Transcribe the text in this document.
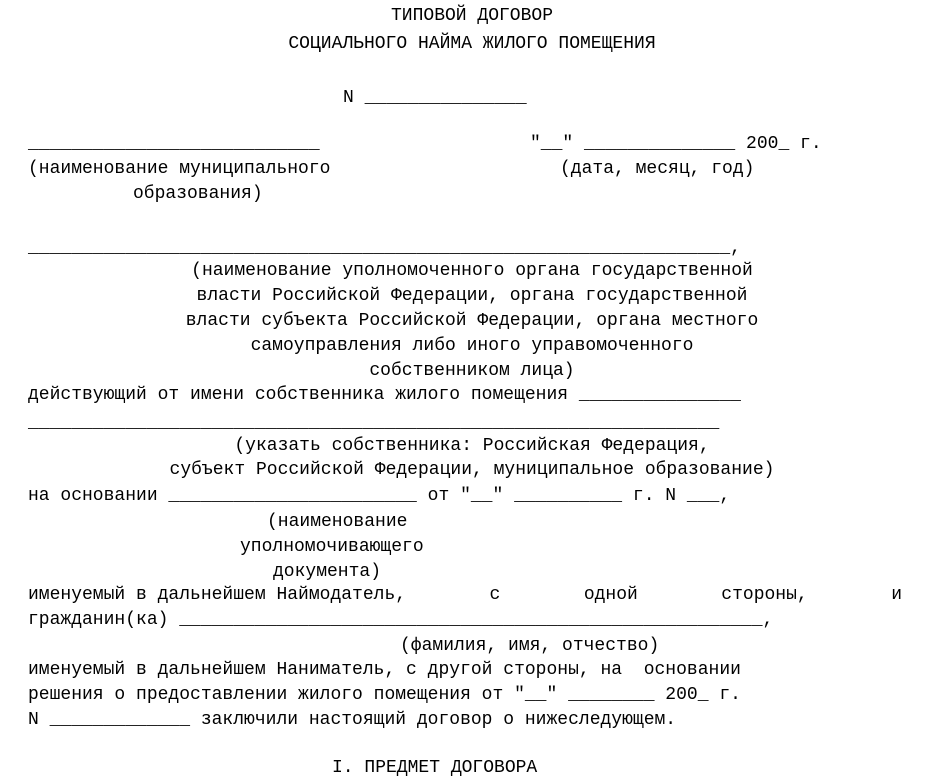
ТИПОВОЙ ДОГОВОР
СОЦИАЛЬНОГО НАЙМА ЖИЛОГО ПОМЕЩЕНИЯ
N _______________
___________________________	"__" ______________ 200_ г.
(наименование муниципального	(дата, месяц, год)
образования)
_________________________________________________________________,
(наименование уполномоченного органа государственной
власти Российской Федерации, органа государственной
власти субъекта Российской Федерации, органа местного
самоуправления либо иного управомоченного
собственником лица)
действующий от имени собственника жилого помещения _______________
________________________________________________________________
(указать собственника: Российская Федерация,
субъект Российской Федерации, муниципальное образование)
на основании _______________________ от "__" __________ г. N ___,
(наименование
уполномочивающего
документа)
именуемый в дальнейшем Наймодатель,	с	одной	стороны,	и
гражданин(ка) ______________________________________________________,
(фамилия, имя, отчество)
именуемый в дальнейшем Наниматель, с другой стороны, на  основании
решения о предоставлении жилого помещения от "__" ________ 200_ г.
N _____________ заключили настоящий договор о нижеследующем.
I. ПРЕДМЕТ ДОГОВОРА
